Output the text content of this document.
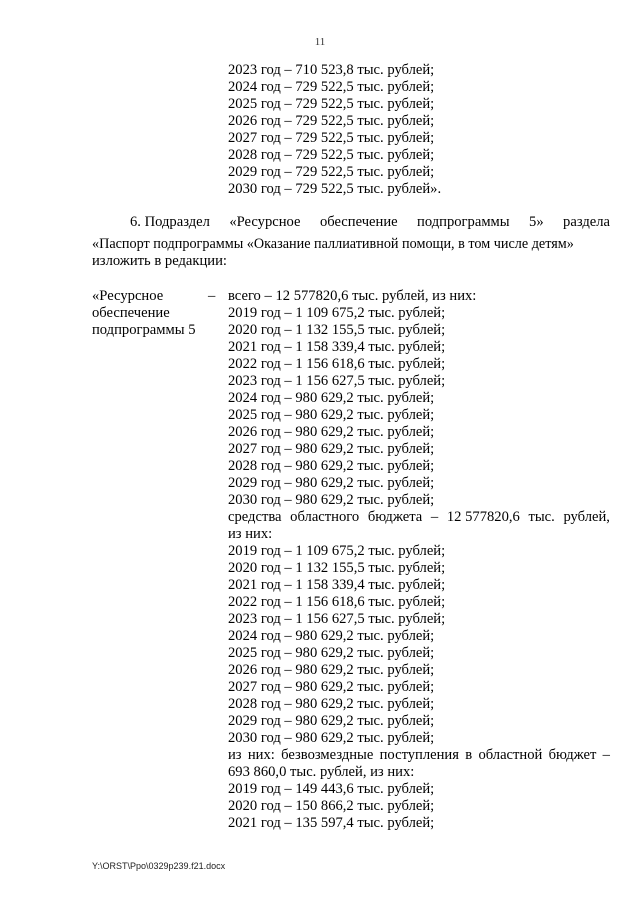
11
2023 год – 710 523,8 тыс. рублей;
2024 год – 729 522,5 тыс. рублей;
2025 год – 729 522,5 тыс. рублей;
2026 год – 729 522,5 тыс. рублей;
2027 год – 729 522,5 тыс. рублей;
2028 год – 729 522,5 тыс. рублей;
2029 год – 729 522,5 тыс. рублей;
2030 год – 729 522,5 тыс. рублей».
6. Подраздел «Ресурсное обеспечение подпрограммы 5» раздела
«Паспорт подпрограммы «Оказание паллиативной помощи, в том числе детям»
изложить в редакции:
«Ресурсное
обеспечение
подпрограммы 5
– всего – 12 577820,6 тыс. рублей, из них:
2019 год – 1 109 675,2 тыс. рублей;
2020 год – 1 132 155,5 тыс. рублей;
2021 год – 1 158 339,4 тыс. рублей;
2022 год – 1 156 618,6 тыс. рублей;
2023 год – 1 156 627,5 тыс. рублей;
2024 год – 980 629,2 тыс. рублей;
2025 год – 980 629,2 тыс. рублей;
2026 год – 980 629,2 тыс. рублей;
2027 год – 980 629,2 тыс. рублей;
2028 год – 980 629,2 тыс. рублей;
2029 год – 980 629,2 тыс. рублей;
2030 год – 980 629,2 тыс. рублей;
средства областного бюджета – 12 577820,6 тыс. рублей,
из них:
2019 год – 1 109 675,2 тыс. рублей;
2020 год – 1 132 155,5 тыс. рублей;
2021 год – 1 158 339,4 тыс. рублей;
2022 год – 1 156 618,6 тыс. рублей;
2023 год – 1 156 627,5 тыс. рублей;
2024 год – 980 629,2 тыс. рублей;
2025 год – 980 629,2 тыс. рублей;
2026 год – 980 629,2 тыс. рублей;
2027 год – 980 629,2 тыс. рублей;
2028 год – 980 629,2 тыс. рублей;
2029 год – 980 629,2 тыс. рублей;
2030 год – 980 629,2 тыс. рублей;
из них: безвозмездные поступления в областной бюджет –
693 860,0 тыс. рублей, из них:
2019 год – 149 443,6 тыс. рублей;
2020 год – 150 866,2 тыс. рублей;
2021 год – 135 597,4 тыс. рублей;
Y:\ORST\Ppo\0329p239.f21.docx
